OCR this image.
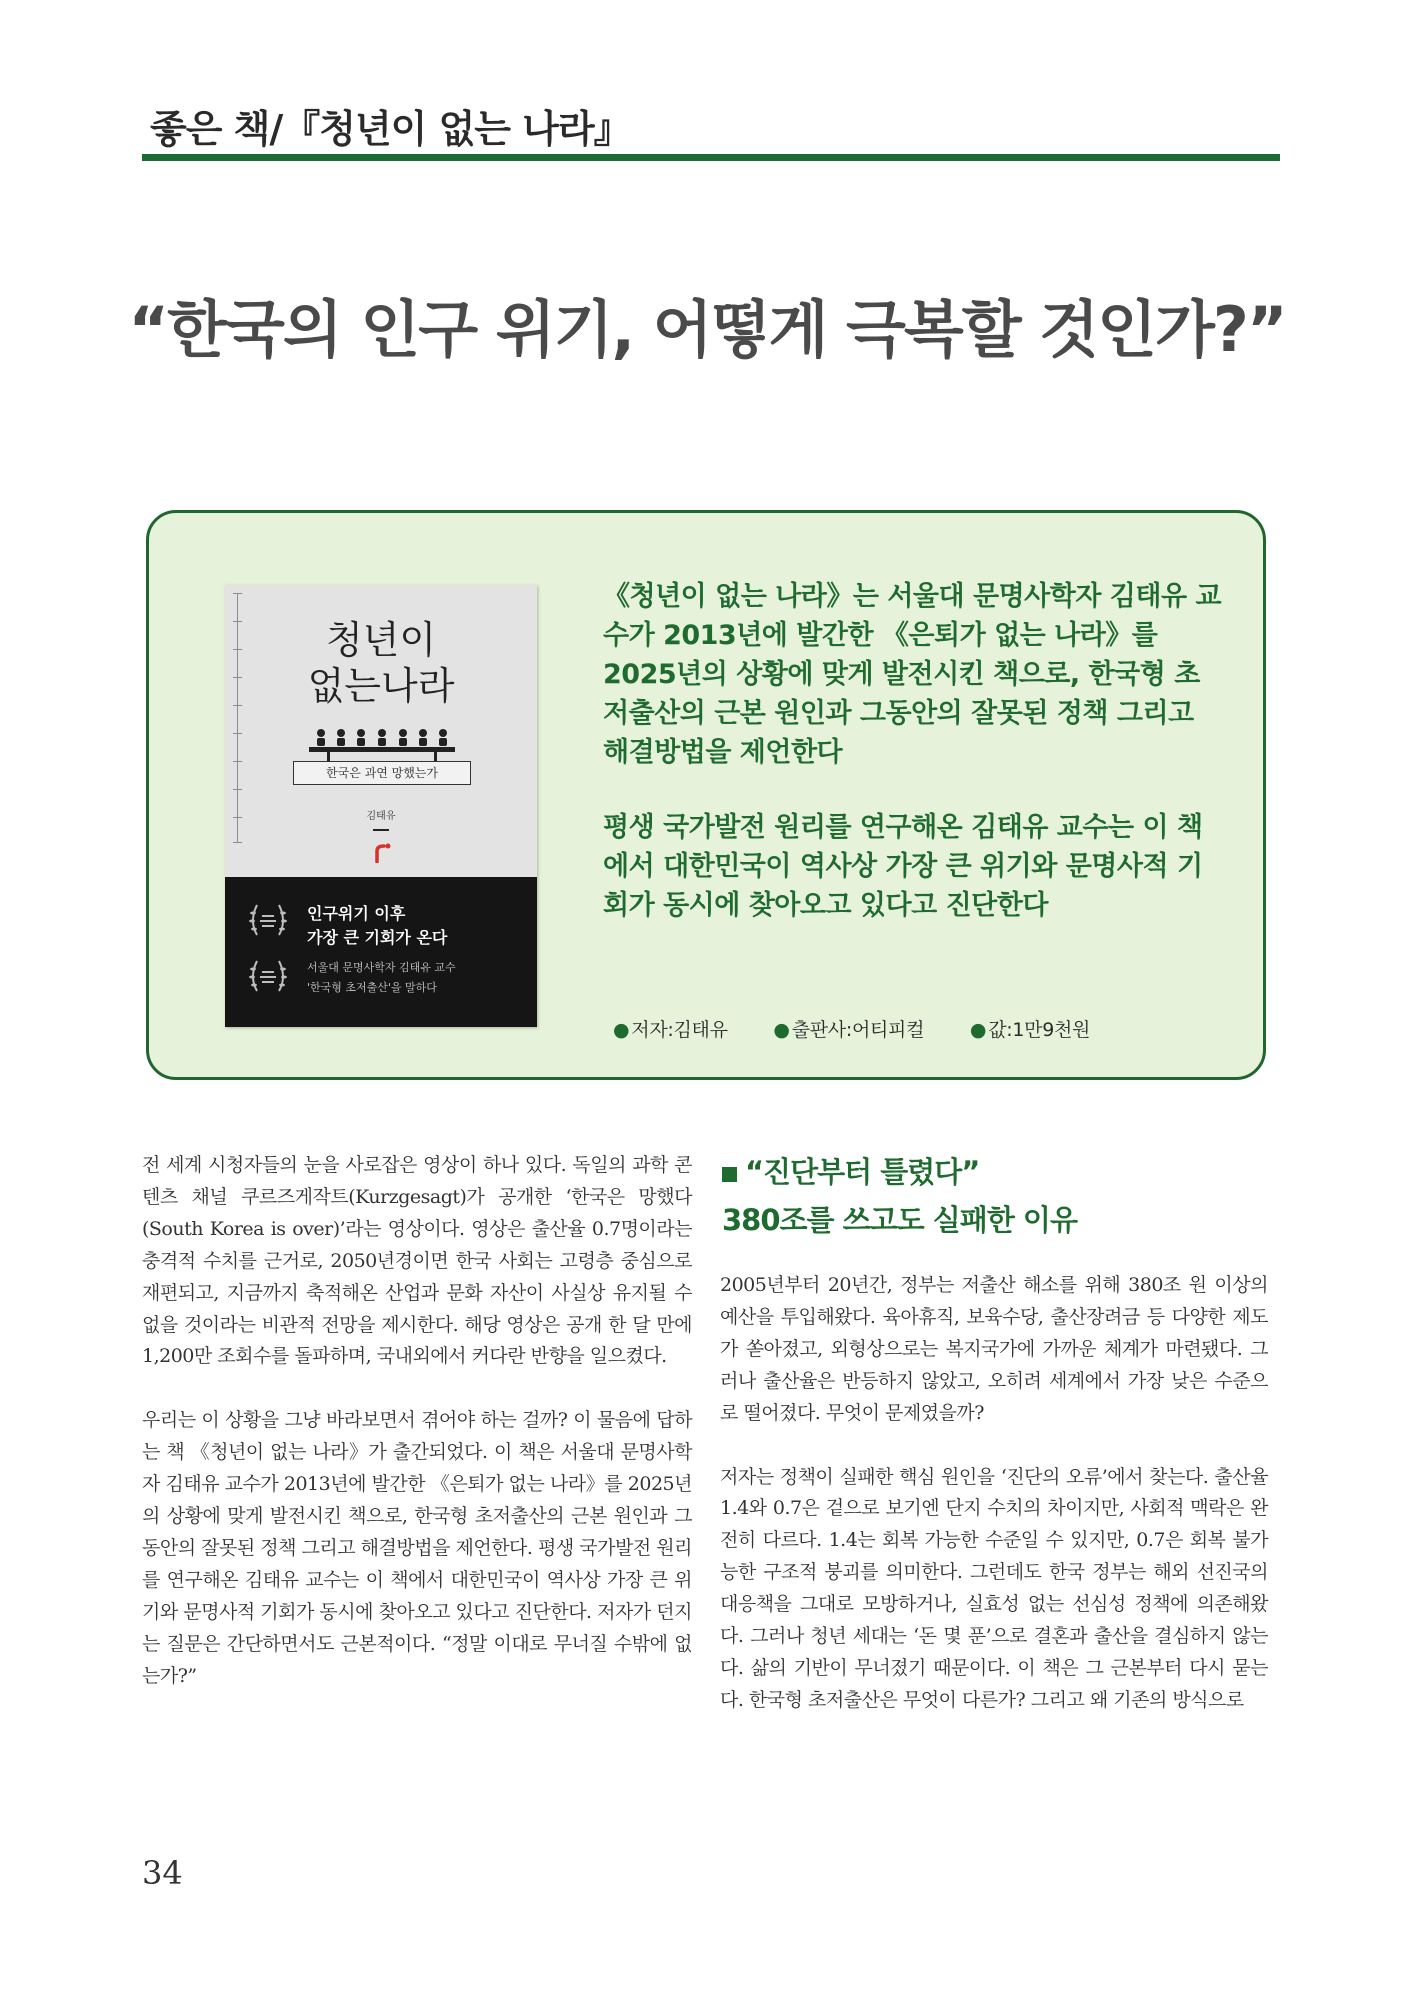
좋은 책/『청년이 없는 나라』
“한국의 인구 위기, 어떻게 극복할 것인가?”
청년이
없는나라
한국은 과연 망했는가
김태유
인구위기 이후
가장 큰 기회가 온다
서울대 문명사학자 김태유 교수
'한국형 초저출산'을 말하다

《청년이 없는 나라》는 서울대 문명사학자 김태유 교수가 2013년에 발간한 《은퇴가 없는 나라》를 2025년의 상황에 맞게 발전시킨 책으로, 한국형 초저출산의 근본 원인과 그동안의 잘못된 정책 그리고 해결방법을 제언한다

평생 국가발전 원리를 연구해온 김태유 교수는 이 책에서 대한민국이 역사상 가장 큰 위기와 문명사적 기회가 동시에 찾아오고 있다고 진단한다

● 저자:김태유 ● 출판사:어티피컬 ● 값:1만9천원

전 세계 시청자들의 눈을 사로잡은 영상이 하나 있다. 독일의 과학 콘텐츠 채널 쿠르즈게작트(Kurzgesagt)가 공개한 ‘한국은 망했다(South Korea is over)’라는 영상이다. 영상은 출산율 0.7명이라는 충격적 수치를 근거로, 2050년경이면 한국 사회는 고령층 중심으로 재편되고, 지금까지 축적해온 산업과 문화 자산이 사실상 유지될 수 없을 것이라는 비관적 전망을 제시한다. 해당 영상은 공개 한 달 만에 1,200만 조회수를 돌파하며, 국내외에서 커다란 반향을 일으켰다.

우리는 이 상황을 그냥 바라보면서 겪어야 하는 걸까? 이 물음에 답하는 책 《청년이 없는 나라》가 출간되었다. 이 책은 서울대 문명사학자 김태유 교수가 2013년에 발간한 《은퇴가 없는 나라》를 2025년의 상황에 맞게 발전시킨 책으로, 한국형 초저출산의 근본 원인과 그동안의 잘못된 정책 그리고 해결방법을 제언한다. 평생 국가발전 원리를 연구해온 김태유 교수는 이 책에서 대한민국이 역사상 가장 큰 위기와 문명사적 기회가 동시에 찾아오고 있다고 진단한다. 저자가 던지는 질문은 간단하면서도 근본적이다. “정말 이대로 무너질 수밖에 없는가?”

“진단부터 틀렸다”
380조를 쓰고도 실패한 이유

2005년부터 20년간, 정부는 저출산 해소를 위해 380조 원 이상의 예산을 투입해왔다. 육아휴직, 보육수당, 출산장려금 등 다양한 제도가 쏟아졌고, 외형상으로는 복지국가에 가까운 체계가 마련됐다. 그러나 출산율은 반등하지 않았고, 오히려 세계에서 가장 낮은 수준으로 떨어졌다. 무엇이 문제였을까?

저자는 정책이 실패한 핵심 원인을 ‘진단의 오류’에서 찾는다. 출산율 1.4와 0.7은 겉으로 보기엔 단지 수치의 차이지만, 사회적 맥락은 완전히 다르다. 1.4는 회복 가능한 수준일 수 있지만, 0.7은 회복 불가능한 구조적 붕괴를 의미한다. 그런데도 한국 정부는 해외 선진국의 대응책을 그대로 모방하거나, 실효성 없는 선심성 정책에 의존해왔다. 그러나 청년 세대는 ‘돈 몇 푼’으로 결혼과 출산을 결심하지 않는다. 삶의 기반이 무너졌기 때문이다. 이 책은 그 근본부터 다시 묻는다. 한국형 초저출산은 무엇이 다른가? 그리고 왜 기존의 방식으로

34
